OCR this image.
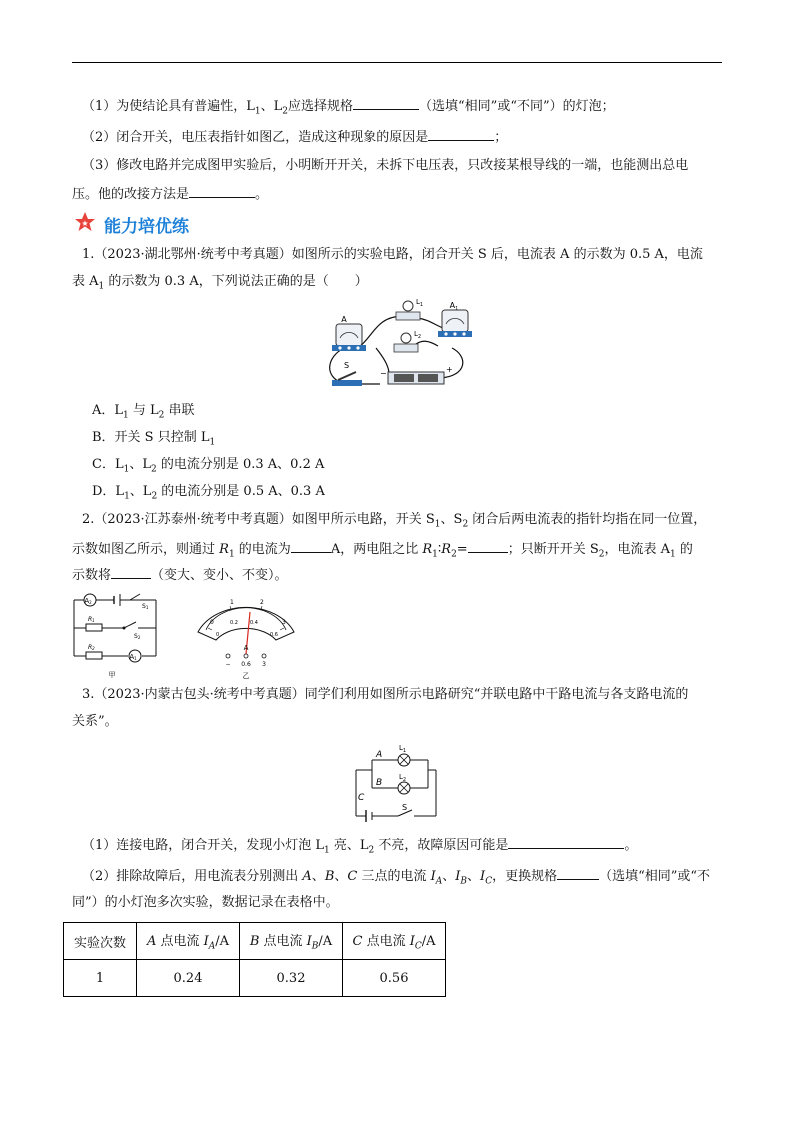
（1）为使结论具有普遍性，$L_1$、$L_2$应选择规格	（选填“相同”或“不同”）的灯泡；
（2）闭合开关，电压表指针如图乙，造成这种现象的原因是	；
（3）修改电路并完成图甲实验后，小明断开开关，未拆下电压表，只改接某根导线的一端，也能测出总电
压。他的改接方法是	。
★ 能力培优练
1.（2023·湖北鄂州·统考中考真题）如图所示的实验电路，闭合开关 S 后，电流表 A 的示数为 0.5 A，电流
表 $A_1$ 的示数为 0.3 A，下列说法正确的是（　　）
A
$A_1$
$L_1$
$L_2$
S
−	+
A．$L_1$ 与 $L_2$ 串联
B．开关 S 只控制 $L_1$
C．$L_1$、$L_2$ 的电流分别是 0.3 A、0.2 A
D．$L_1$、$L_2$ 的电流分别是 0.5 A、0.3 A
2.（2023·江苏泰州·统考中考真题）如图甲所示电路，开关 $S_1$、$S_2$ 闭合后两电流表的指针均指在同一位置，
示数如图乙所示，则通过 $R_1$ 的电流为	A，两电阻之比 $R_1∶R_2=$	；只断开开关 $S_2$，电流表 $A_1$ 的
示数将	（变大、变小、不变）。
A2
S1
R1
S2
R2
A1
甲
0
1	2
3
0
0.2 0.4
0.6
A
− 0.6 3
乙
3.（2023·内蒙古包头·统考中考真题）同学们利用如图所示电路研究“并联电路中干路电流与各支路电流的
关系”。
$L_1$
$L_2$
A
B
C
S
（1）连接电路，闭合开关，发现小灯泡 $L_1$ 亮、$L_2$ 不亮，故障原因可能是	。
（2）排除故障后，用电流表分别测出 A、B、C 三点的电流 $I_A$、$I_B$、$I_C$，更换规格	（选填“相同”或“不
同”）的小灯泡多次实验，数据记录在表格中。
实验次数	A 点电流 $I_A/A$	B 点电流 $I_B/A$	C 点电流 $I_C/A$
1	0.24	0.32	0.56
